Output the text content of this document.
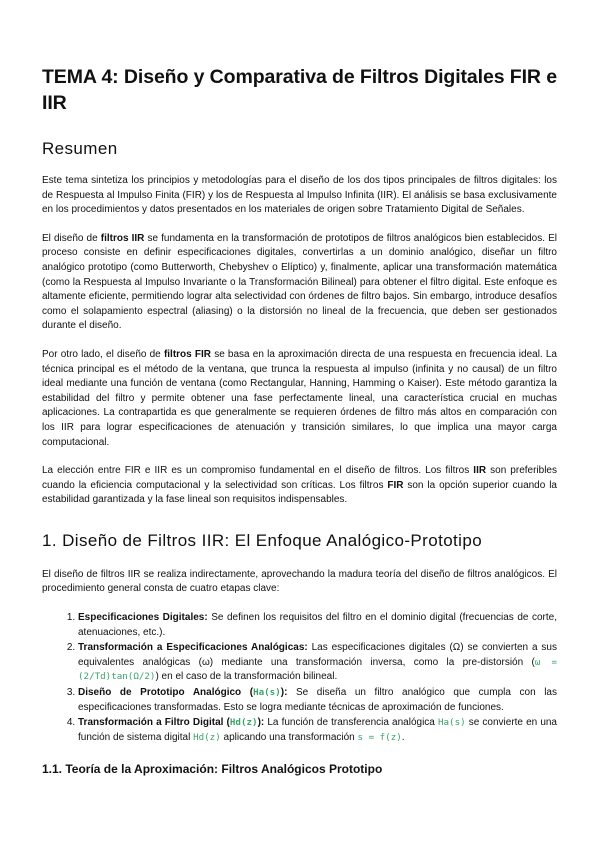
TEMA 4: Diseño y Comparativa de Filtros Digitales FIR e IIR
Resumen

Este tema sintetiza los principios y metodologías para el diseño de los dos tipos principales de filtros digitales: los de Respuesta al Impulso Finita (FIR) y los de Respuesta al Impulso Infinita (IIR). El análisis se basa exclusivamente en los procedimientos y datos presentados en los materiales de origen sobre Tratamiento Digital de Señales.

El diseño de filtros IIR se fundamenta en la transformación de prototipos de filtros analógicos bien establecidos. El proceso consiste en definir especificaciones digitales, convertirlas a un dominio analógico, diseñar un filtro analógico prototipo (como Butterworth, Chebyshev o Elíptico) y, finalmente, aplicar una transformación matemática (como la Respuesta al Impulso Invariante o la Transformación Bilineal) para obtener el filtro digital. Este enfoque es altamente eficiente, permitiendo lograr alta selectividad con órdenes de filtro bajos. Sin embargo, introduce desafíos como el solapamiento espectral (aliasing) o la distorsión no lineal de la frecuencia, que deben ser gestionados durante el diseño.

Por otro lado, el diseño de filtros FIR se basa en la aproximación directa de una respuesta en frecuencia ideal. La técnica principal es el método de la ventana, que trunca la respuesta al impulso (infinita y no causal) de un filtro ideal mediante una función de ventana (como Rectangular, Hanning, Hamming o Kaiser). Este método garantiza la estabilidad del filtro y permite obtener una fase perfectamente lineal, una característica crucial en muchas aplicaciones. La contrapartida es que generalmente se requieren órdenes de filtro más altos en comparación con los IIR para lograr especificaciones de atenuación y transición similares, lo que implica una mayor carga computacional.

La elección entre FIR e IIR es un compromiso fundamental en el diseño de filtros. Los filtros IIR son preferibles cuando la eficiencia computacional y la selectividad son críticas. Los filtros FIR son la opción superior cuando la estabilidad garantizada y la fase lineal son requisitos indispensables.

1. Diseño de Filtros IIR: El Enfoque Analógico-Prototipo

El diseño de filtros IIR se realiza indirectamente, aprovechando la madura teoría del diseño de filtros analógicos. El procedimiento general consta de cuatro etapas clave:

1. Especificaciones Digitales: Se definen los requisitos del filtro en el dominio digital (frecuencias de corte, atenuaciones, etc.).
2. Transformación a Especificaciones Analógicas: Las especificaciones digitales (Ω) se convierten a sus equivalentes analógicas (ω) mediante una transformación inversa, como la pre-distorsión (ω = (2/Td)tan(Ω/2)) en el caso de la transformación bilineal.
3. Diseño de Prototipo Analógico (Ha(s)): Se diseña un filtro analógico que cumpla con las especificaciones transformadas. Esto se logra mediante técnicas de aproximación de funciones.
4. Transformación a Filtro Digital (Hd(z)): La función de transferencia analógica Ha(s) se convierte en una función de sistema digital Hd(z) aplicando una transformación s = f(z).
1.1. Teoría de la Aproximación: Filtros Analógicos Prototipo
